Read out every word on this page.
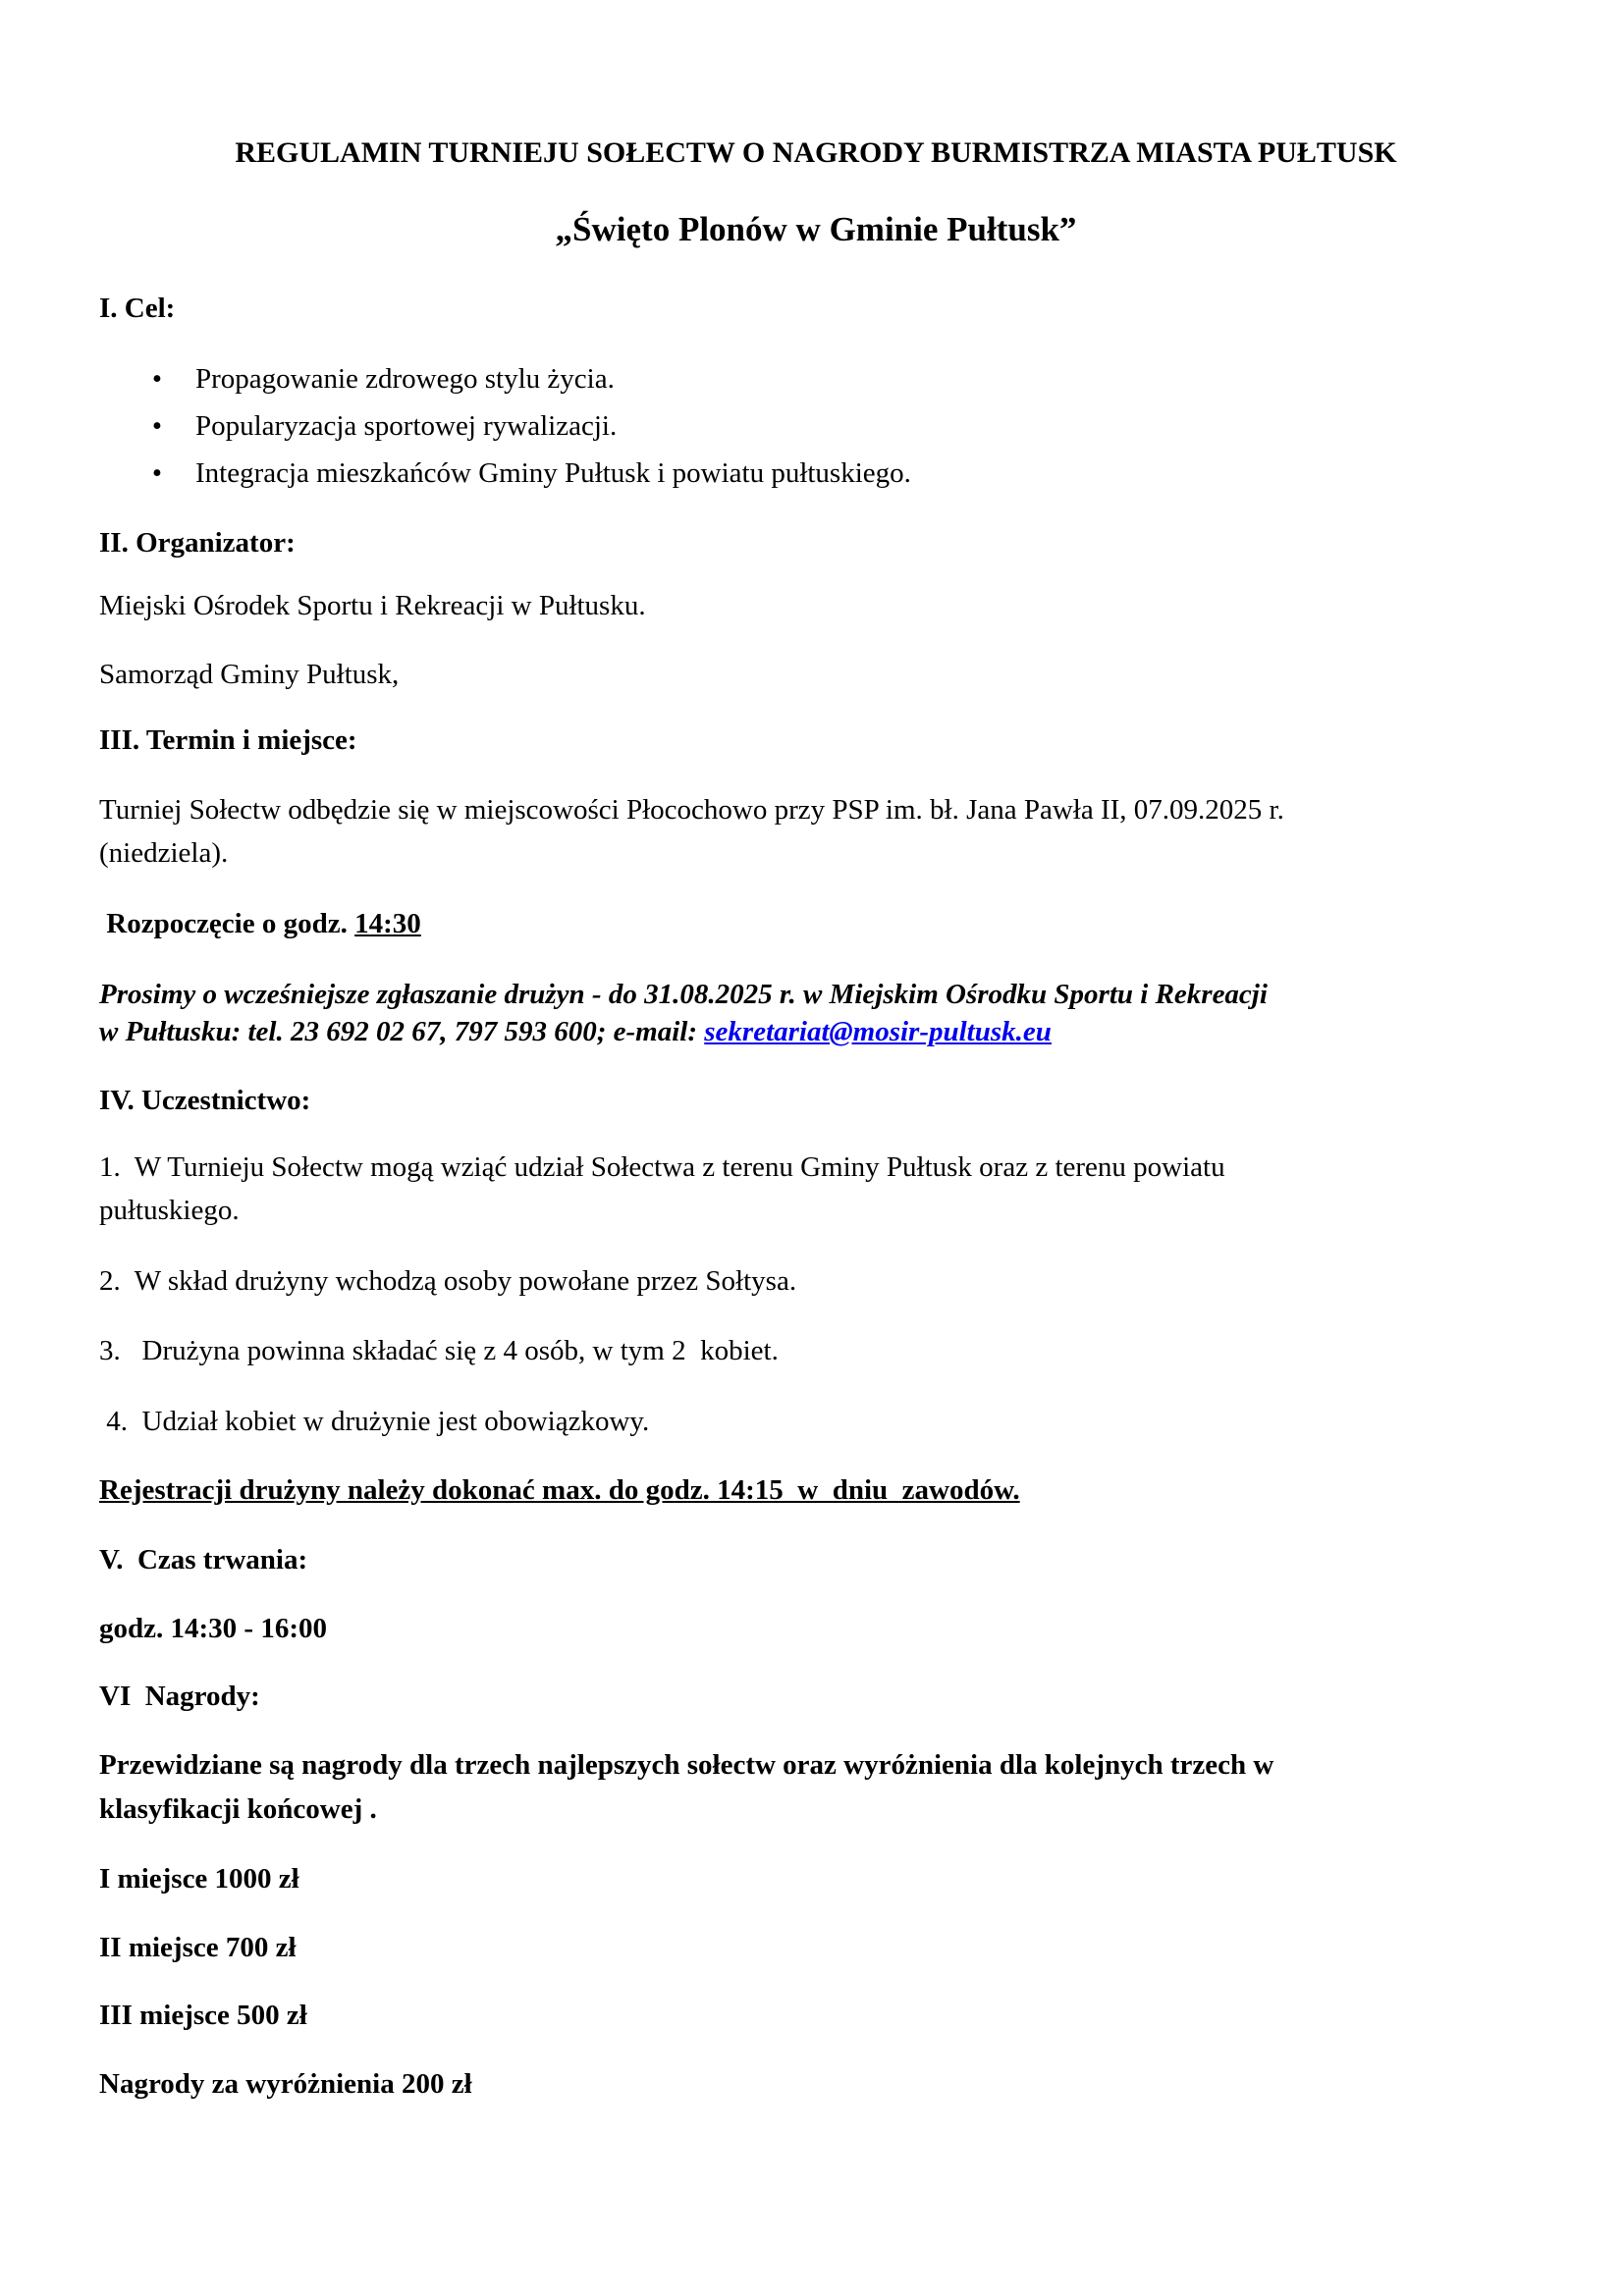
REGULAMIN TURNIEJU SOŁECTW O NAGRODY BURMISTRZA MIASTA PUŁTUSK
„Święto Plonów w Gminie Pułtusk”
I. Cel:
• Propagowanie zdrowego stylu życia.
• Popularyzacja sportowej rywalizacji.
• Integracja mieszkańców Gminy Pułtusk i powiatu pułtuskiego.
II. Organizator:
Miejski Ośrodek Sportu i Rekreacji w Pułtusku.
Samorząd Gminy Pułtusk,
III. Termin i miejsce:
Turniej Sołectw odbędzie się w miejscowości Płocochowo przy PSP im. bł. Jana Pawła II, 07.09.2025 r.
(niedziela).
Rozpoczęcie o godz. 14:30
Prosimy o wcześniejsze zgłaszanie drużyn - do 31.08.2025 r. w Miejskim Ośrodku Sportu i Rekreacji
w Pułtusku: tel. 23 692 02 67, 797 593 600; e-mail: sekretariat@mosir-pultusk.eu
IV. Uczestnictwo:
1.  W Turnieju Sołectw mogą wziąć udział Sołectwa z terenu Gminy Pułtusk oraz z terenu powiatu
pułtuskiego.
2.  W skład drużyny wchodzą osoby powołane przez Sołtysa.
3.   Drużyna powinna składać się z 4 osób, w tym 2  kobiet.
4.  Udział kobiet w drużynie jest obowiązkowy.
Rejestracji drużyny należy dokonać max. do godz. 14:15  w  dniu  zawodów.
V.  Czas trwania:
godz. 14:30 - 16:00
VI  Nagrody:
Przewidziane są nagrody dla trzech najlepszych sołectw oraz wyróżnienia dla kolejnych trzech w
klasyfikacji końcowej .
I miejsce 1000 zł
II miejsce 700 zł
III miejsce 500 zł
Nagrody za wyróżnienia 200 zł
